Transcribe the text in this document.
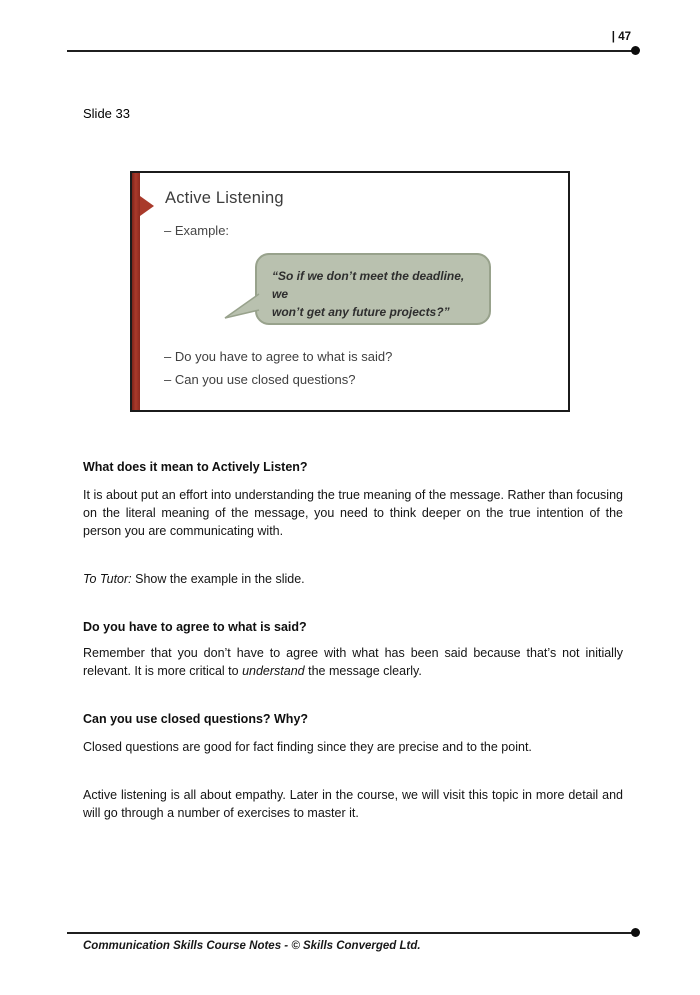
| 47
Slide 33
Active Listening
– Example:
“So if we don’t meet the deadline, we
won’t get any future projects?”
– Do you have to agree to what is said?
– Can you use closed questions?
What does it mean to Actively Listen?
It is about put an effort into understanding the true meaning of the message. Rather than focusing on the literal meaning of the message, you need to think deeper on the true intention of the person you are communicating with.
To Tutor: Show the example in the slide.
Do you have to agree to what is said?
Remember that you don’t have to agree with what has been said because that’s not initially relevant. It is more critical to understand the message clearly.
Can you use closed questions? Why?
Closed questions are good for fact finding since they are precise and to the point.
Active listening is all about empathy. Later in the course, we will visit this topic in more detail and will go through a number of exercises to master it.
Communication Skills Course Notes - © Skills Converged Ltd.
